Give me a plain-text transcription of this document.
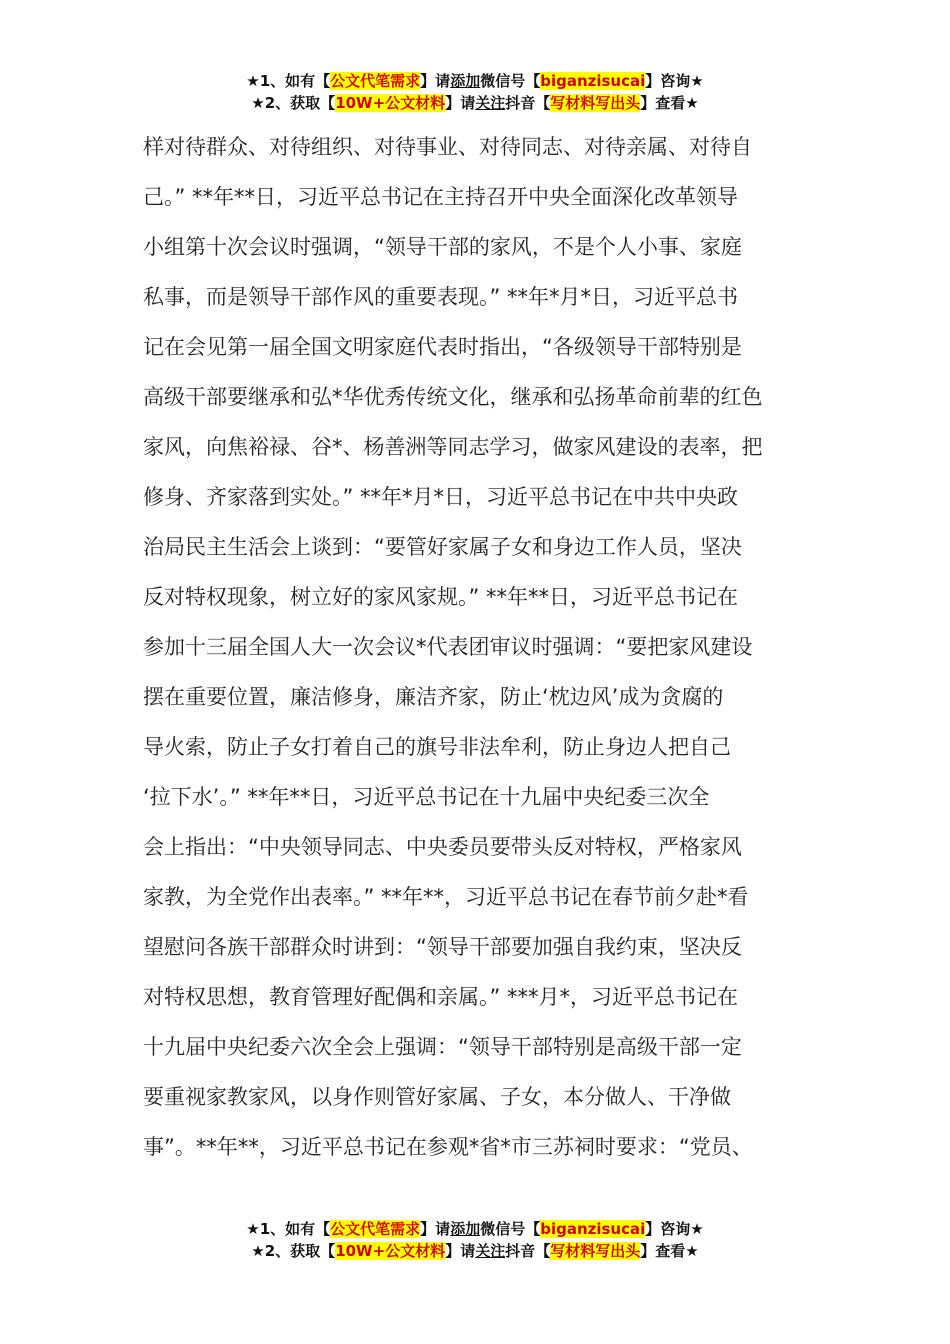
★1、如有【公文代笔需求】请添加微信号【biganzisucai】咨询★
★2、获取【10W+公文材料】请关注抖音【写材料写出头】查看★
样对待群众、对待组织、对待事业、对待同志、对待亲属、对待自
己。” **年**日，习近平总书记在主持召开中央全面深化改革领导
小组第十次会议时强调，“领导干部的家风，不是个人小事、家庭
私事，而是领导干部作风的重要表现。” **年*月*日，习近平总书
记在会见第一届全国文明家庭代表时指出，“各级领导干部特别是
高级干部要继承和弘*华优秀传统文化，继承和弘扬革命前辈的红色
家风，向焦裕禄、谷*、杨善洲等同志学习，做家风建设的表率，把
修身、齐家落到实处。” **年*月*日，习近平总书记在中共中央政
治局民主生活会上谈到：“要管好家属子女和身边工作人员，坚决
反对特权现象，树立好的家风家规。” **年**日，习近平总书记在
参加十三届全国人大一次会议*代表团审议时强调：“要把家风建设
摆在重要位置，廉洁修身，廉洁齐家，防止‘枕边风’成为贪腐的
导火索，防止子女打着自己的旗号非法牟利，防止身边人把自己
‘拉下水’。” **年**日，习近平总书记在十九届中央纪委三次全
会上指出：“中央领导同志、中央委员要带头反对特权，严格家风
家教，为全党作出表率。” **年**，习近平总书记在春节前夕赴*看
望慰问各族干部群众时讲到：“领导干部要加强自我约束，坚决反
对特权思想，教育管理好配偶和亲属。” ***月*，习近平总书记在
十九届中央纪委六次全会上强调：“领导干部特别是高级干部一定
要重视家教家风，以身作则管好家属、子女，本分做人、干净做
事”。**年**，习近平总书记在参观*省*市三苏祠时要求：“党员、
★1、如有【公文代笔需求】请添加微信号【biganzisucai】咨询★
★2、获取【10W+公文材料】请关注抖音【写材料写出头】查看★
